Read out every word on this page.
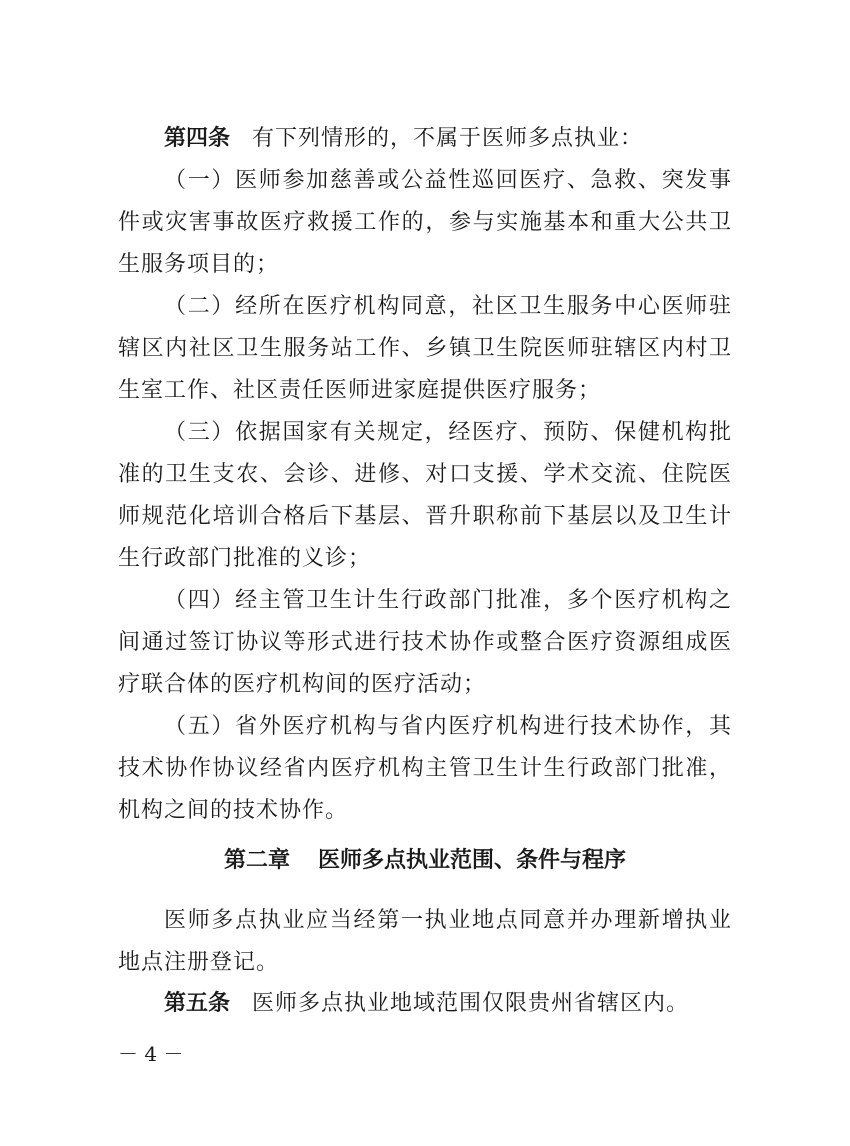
第四条 有下列情形的，不属于医师多点执业：

（一）医师参加慈善或公益性巡回医疗、急救、突发事件或灾害事故医疗救援工作的，参与实施基本和重大公共卫生服务项目的；

（二）经所在医疗机构同意，社区卫生服务中心医师驻辖区内社区卫生服务站工作、乡镇卫生院医师驻辖区内村卫生室工作、社区责任医师进家庭提供医疗服务；

（三）依据国家有关规定，经医疗、预防、保健机构批准的卫生支农、会诊、进修、对口支援、学术交流、住院医师规范化培训合格后下基层、晋升职称前下基层以及卫生计生行政部门批准的义诊；

（四）经主管卫生计生行政部门批准，多个医疗机构之间通过签订协议等形式进行技术协作或整合医疗资源组成医疗联合体的医疗机构间的医疗活动；

（五）省外医疗机构与省内医疗机构进行技术协作，其技术协作协议经省内医疗机构主管卫生计生行政部门批准，机构之间的技术协作。

第二章 医师多点执业范围、条件与程序

医师多点执业应当经第一执业地点同意并办理新增执业地点注册登记。

第五条 医师多点执业地域范围仅限贵州省辖区内。

－ 4 －
